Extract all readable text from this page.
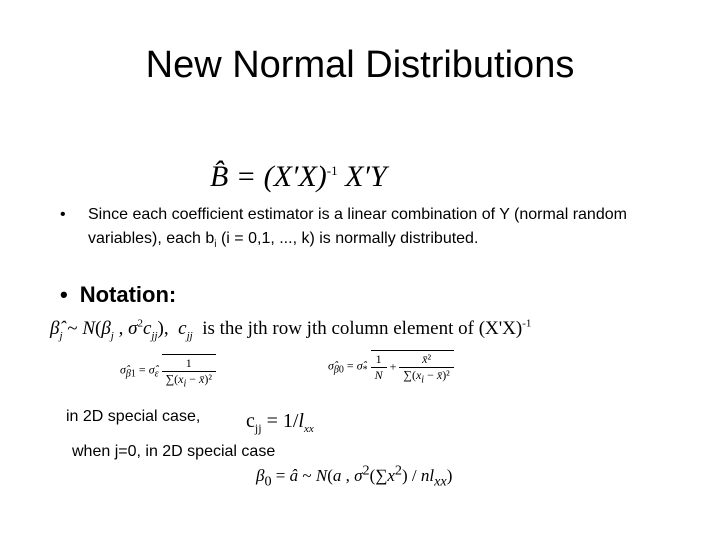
New Normal Distributions
B̂ = $(X'X)^{-1}$ X′Y
• Since each coefficient estimator is a linear combination of Y (normal random variables), each $b_i$ (i = 0,1, ..., k) is normally distributed.
• Notation:
$\betâ_j$ ~ $N(\beta_j$ , $\sigma^2c_{jj}$),  $c_{jj}$ is the jth row jth column element of $(X'X)^{-1}$
$\sigmâ_{\beta 1}$ = $\sigmâ_\varepsilon \frac{1}{\sum(x_i - x̄)^2}$	$\sigmâ_{\beta 0}$ = $\sigmâ_* \frac{1}{N} + \frac{\text{x̄²}}{\sum(x_i - x̄)^2}$
in 2D special case, $c_{jj} = 1/l_{xx}$
when j=0, in 2D special case
$\beta_0$ = â ~ N(a , $\sigma^2(\sum x^2) / nl_{xx}$)
